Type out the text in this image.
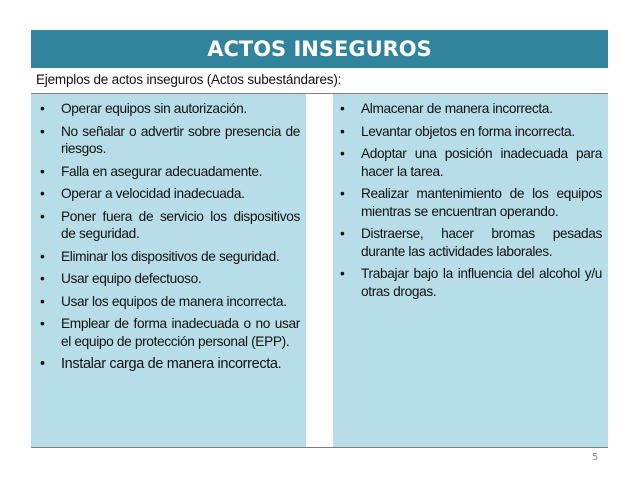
ACTOS INSEGUROS
Ejemplos de actos inseguros (Actos subestándares):
• Operar equipos sin autorización.
• No señalar o advertir sobre presencia de riesgos.
• Falla en asegurar adecuadamente.
• Operar a velocidad inadecuada.
• Poner fuera de servicio los dispositivos de seguridad.
• Eliminar los dispositivos de seguridad.
• Usar equipo defectuoso.
• Usar los equipos de manera incorrecta.
• Emplear de forma inadecuada o no usar el equipo de protección personal (EPP).
• Instalar carga de manera incorrecta.
• Almacenar de manera incorrecta.
• Levantar objetos en forma incorrecta.
• Adoptar una posición inadecuada para hacer la tarea.
• Realizar mantenimiento de los equipos mientras se encuentran operando.
• Distraerse, hacer bromas pesadas durante las actividades laborales.
• Trabajar bajo la influencia del alcohol y/u otras drogas.
5
